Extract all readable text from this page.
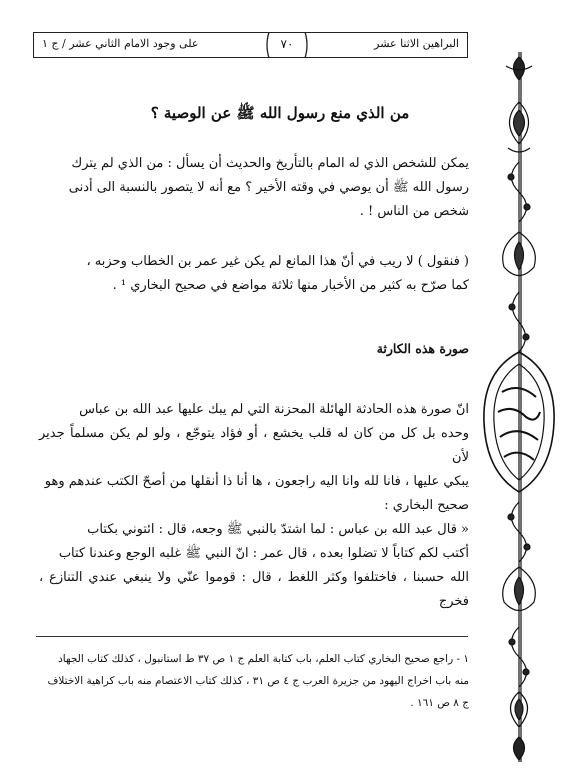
البراهين الاثنا عشر
٧٠
على وجود الامام الثاني عشر / ج ١
من الذي منع رسول الله ﷺ عن الوصية ؟
يمكن للشخص الذي له المام بالتأريخ والحديث أن يسأل : من الذي لم يترك
رسول الله ﷺ أن يوصي في وقته الأخير ؟ مع أنه لا يتصور بالنسبة الى أدنى
شخص من الناس ! .
( فنقول ) لا ريب في أنّ هذا المانع لم يكن غير عمر بن الخطاب وحزبه ،
كما صرّح به كثير من الأخبار منها ثلاثة مواضع في صحيح البخاري ¹ .
صورة هذه الكارثة
انّ صورة هذه الحادثة الهائلة المحزنة التي لم يبك عليها عبد الله بن عباس
وحده بل كل من كان له قلب يخشع ، أو فؤاد يتوجّع ، ولو لم يكن مسلماً جدير لأن
يبكي عليها ، فانا لله وانا اليه راجعون ، ها أنا ذا أنقلها من أصحّ الكتب عندهم وهو
صحيح البخاري :
« قال عبد الله بن عباس : لما اشتدّ بالنبي ﷺ وجعه، قال : ائتوني بكتاب
أكتب لكم كتاباً لا تضلوا بعده ، قال عمر : انّ النبي ﷺ غلبه الوجع وعندنا كتاب
الله حسبنا ، فاختلفوا وكثر اللغط ، قال : قوموا عنّي ولا ينبغي عندي التنازع ، فخرج
١ - راجع صحيح البخاري كتاب العلم، باب كتابة العلم ج ١ ص ٣٧ ط استانبول ، كذلك كتاب الجهاد
منه باب اخراج اليهود من جزيرة العرب ج ٤ ص ٣١ ، كذلك كتاب الاعتصام منه باب كراهية الاختلاف
ج ٨ ص ١٦١ .
